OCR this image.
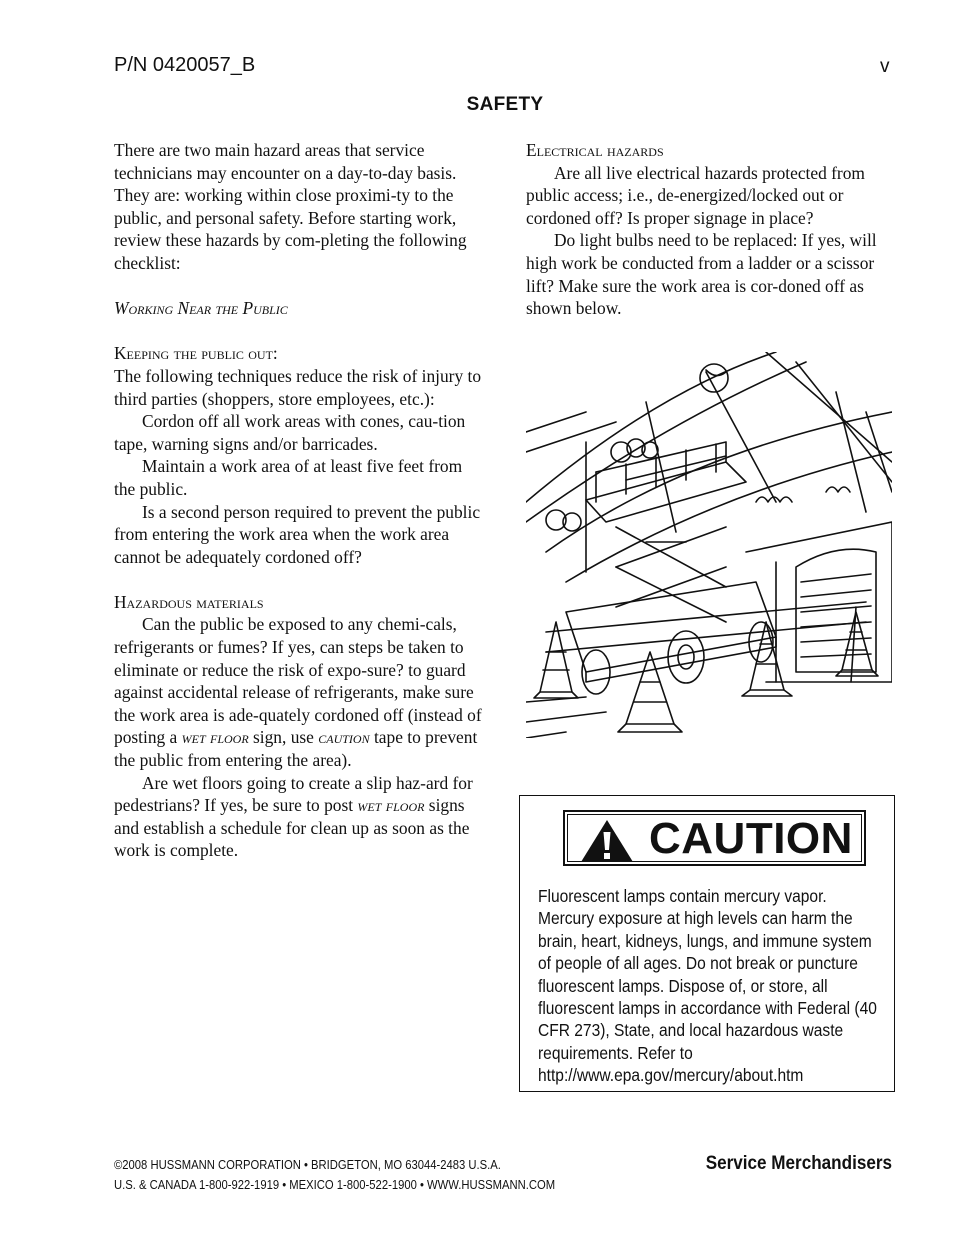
P/N 0420057_B	v
SAFETY

There are two main hazard areas that service technicians may encounter on a day-to-day basis. They are: working within close proximi-ty to the public, and personal safety. Before starting work, review these hazards by com-pleting the following checklist:

Working Near the Public

Keeping the public out:

The following techniques reduce the risk of injury to third parties (shoppers, store employees, etc.):

Cordon off all work areas with cones, cau-tion tape, warning signs and/or barricades.

Maintain a work area of at least five feet from the public.

Is a second person required to prevent the public from entering the work area when the work area cannot be adequately cordoned off?

Hazardous materials

Can the public be exposed to any chemi-cals, refrigerants or fumes? If yes, can steps be taken to eliminate or reduce the risk of expo-sure? to guard against accidental release of refrigerants, make sure the work area is ade-quately cordoned off (instead of posting a wet floor sign, use caution tape to prevent the public from entering the area).

Are wet floors going to create a slip haz-ard for pedestrians? If yes, be sure to post wet floor signs and establish a schedule for clean up as soon as the work is complete.

Electrical hazards

Are all live electrical hazards protected from public access; i.e., de-energized/locked out or cordoned off? Is proper signage in place?

Do light bulbs need to be replaced: If yes, will high work be conducted from a ladder or a scissor lift? Make sure the work area is cor-doned off as shown below.

CAUTION
Fluorescent lamps contain mercury vapor. Mercury exposure at high levels can harm the brain, heart, kidneys, lungs, and immune system of people of all ages. Do not break or puncture fluorescent lamps. Dispose of, or store, all fluorescent lamps in accordance with Federal (40 CFR 273), State, and local hazardous waste requirements. Refer to http://www.epa.gov/mercury/about.htm
©2008 HUSSMANN CORPORATION • BRIDGETON, MO 63044-2483 U.S.A.
U.S. & CANADA 1-800-922-1919 • MEXICO 1-800-522-1900 • WWW.HUSSMANN.COM
Service Merchandisers
